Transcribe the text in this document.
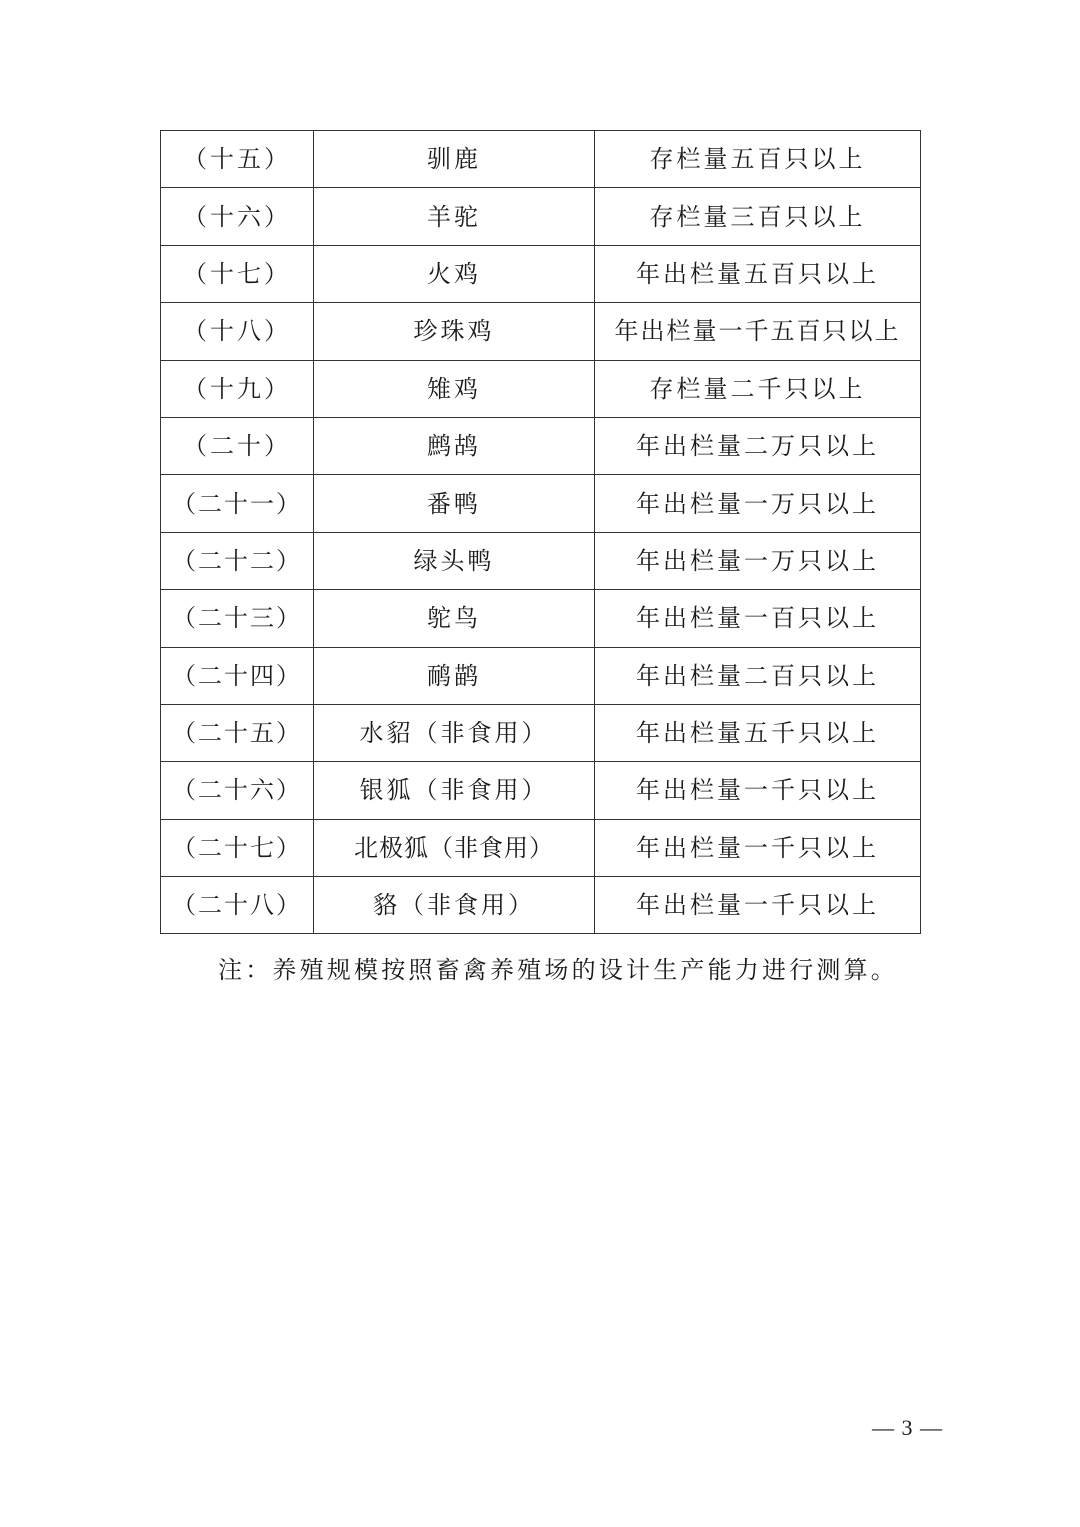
（十五）	驯鹿	存栏量五百只以上
（十六）	羊驼	存栏量三百只以上
（十七）	火鸡	年出栏量五百只以上
（十八）	珍珠鸡	年出栏量一千五百只以上
（十九）	雉鸡	存栏量二千只以上
（二十）	鹧鸪	年出栏量二万只以上
（二十一）	番鸭	年出栏量一万只以上
（二十二）	绿头鸭	年出栏量一万只以上
（二十三）	鸵鸟	年出栏量一百只以上
（二十四）	鸸鹋	年出栏量二百只以上
（二十五）	水貂（非食用）	年出栏量五千只以上
（二十六）	银狐（非食用）	年出栏量一千只以上
（二十七）	北极狐（非食用）	年出栏量一千只以上
（二十八）	貉（非食用）	年出栏量一千只以上
注：养殖规模按照畜禽养殖场的设计生产能力进行测算。
— 3 —
